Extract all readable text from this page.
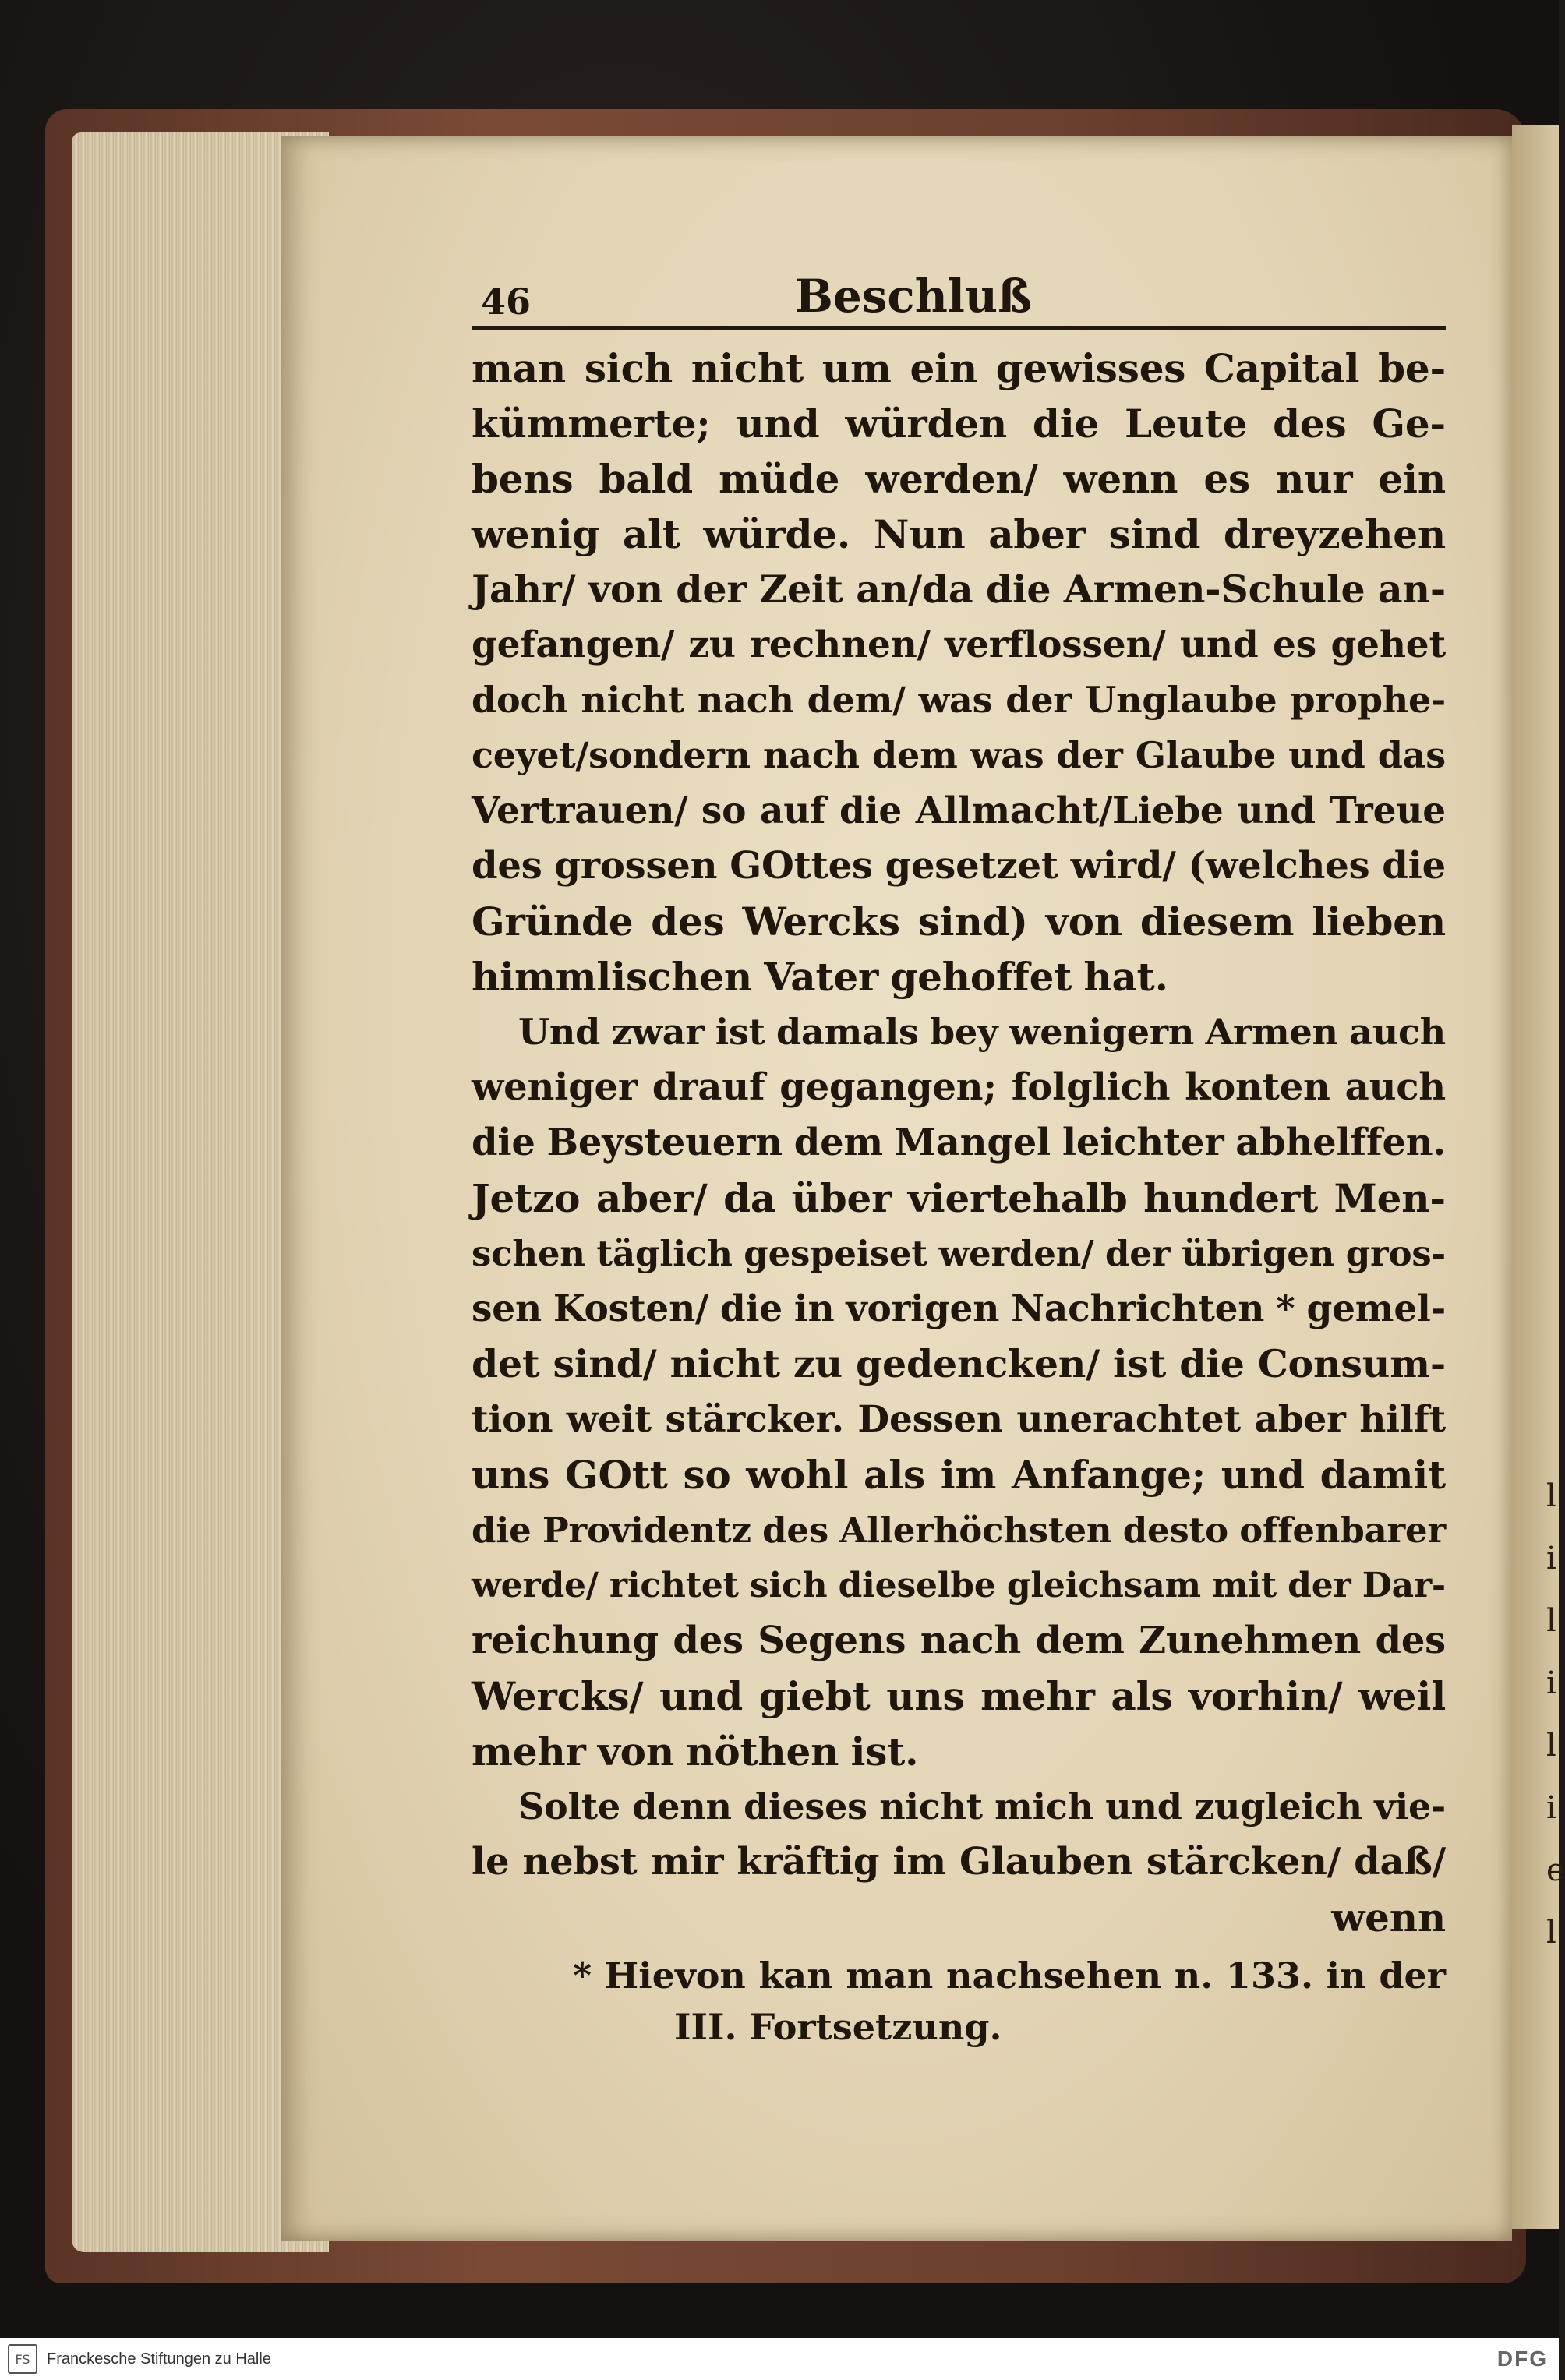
l
i
l
i
l
i
e
l
46	Beschluß
man sich nicht um ein gewisses Capital be-
kümmerte; und würden die Leute des Ge-
bens bald müde werden/ wenn es nur ein
wenig alt würde. Nun aber sind dreyzehen
Jahr/ von der Zeit an/da die Armen-Schule an-
gefangen/ zu rechnen/ verflossen/ und es gehet
doch nicht nach dem/ was der Unglaube prophe-
ceyet/sondern nach dem was der Glaube und das
Vertrauen/ so auf die Allmacht/Liebe und Treue
des grossen GOttes gesetzet wird/ (welches die
Gründe des Wercks sind) von diesem lieben
himmlischen Vater gehoffet hat.
Und zwar ist damals bey wenigern Armen auch
weniger drauf gegangen; folglich konten auch
die Beysteuern dem Mangel leichter abhelffen.
Jetzo aber/ da über viertehalb hundert Men-
schen täglich gespeiset werden/ der übrigen gros-
sen Kosten/ die in vorigen Nachrichten * gemel-
det sind/ nicht zu gedencken/ ist die Consum-
tion weit stärcker. Dessen unerachtet aber hilft
uns GOtt so wohl als im Anfange; und damit
die Providentz des Allerhöchsten desto offenbarer
werde/ richtet sich dieselbe gleichsam mit der Dar-
reichung des Segens nach dem Zunehmen des
Wercks/ und giebt uns mehr als vorhin/ weil
mehr von nöthen ist.
Solte denn dieses nicht mich und zugleich vie-
le nebst mir kräftig im Glauben stärcken/ daß/
wenn
* Hievon kan man nachsehen n. 133. in der
III. Fortsetzung.
FS	Franckesche Stiftungen zu Halle	DFG
